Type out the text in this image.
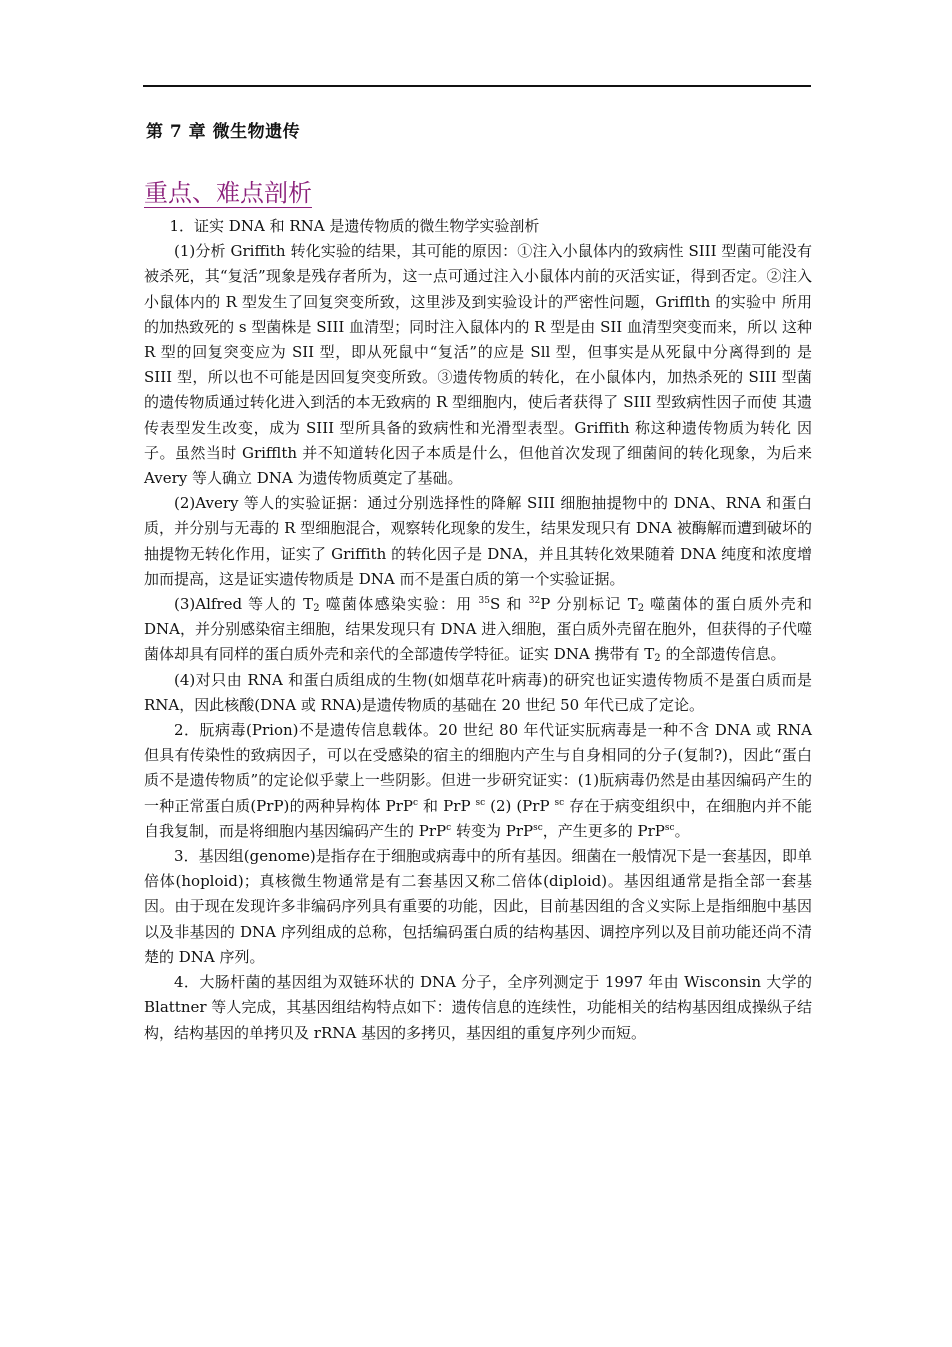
第 7 章 微生物遗传
重点、难点剖析

1．证实 DNA 和 RNA 是遗传物质的微生物学实验剖析

(1)分析 Griffith 转化实验的结果，其可能的原因：①注入小鼠体内的致病性 SIII 型菌可能没有被杀死，其“复活”现象是残存者所为，这一点可通过注入小鼠体内前的灭活实证，得到否定。②注入小鼠体内的 R 型发生了回复突变所致，这里涉及到实验设计的严密性问题，Grifflth 的实验中 所用的加热致死的 s 型菌株是 SIII 血清型；同时注入鼠体内的 R 型是由 SII 血清型突变而来，所以 这种 R 型的回复突变应为 SII 型，即从死鼠中“复活”的应是 Sll 型，但事实是从死鼠中分离得到的 是 SIII 型，所以也不可能是因回复突变所致。③遗传物质的转化，在小鼠体内，加热杀死的 SIII 型菌的遗传物质通过转化进入到活的本无致病的 R 型细胞内，使后者获得了 SIII 型致病性因子而使 其遗传表型发生改变，成为 SIII 型所具备的致病性和光滑型表型。Griffith 称这种遗传物质为转化 因子。虽然当时 Grifflth 并不知道转化因子本质是什么，但他首次发现了细菌间的转化现象，为后来 Avery 等人确立 DNA 为遗传物质奠定了基础。

(2)Avery 等人的实验证据：通过分别选择性的降解 SIII 细胞抽提物中的 DNA、RNA 和蛋白质，并分别与无毒的 R 型细胞混合，观察转化现象的发生，结果发现只有 DNA 被酶解而遭到破坏的抽提物无转化作用，证实了 Griffith 的转化因子是 DNA，并且其转化效果随着 DNA 纯度和浓度增加而提高，这是证实遗传物质是 DNA 而不是蛋白质的第一个实验证据。

(3)Alfred 等人的 $T_2$ 噬菌体感染实验：用 $^{35}$S 和 $^{32}$P 分别标记 $T_2$ 噬菌体的蛋白质外壳和 DNA，并分别感染宿主细胞，结果发现只有 DNA 进入细胞，蛋白质外壳留在胞外，但获得的子代噬菌体却具有同样的蛋白质外壳和亲代的全部遗传学特征。证实 DNA 携带有 $T_2$ 的全部遗传信息。

(4)对只由 RNA 和蛋白质组成的生物(如烟草花叶病毒)的研究也证实遗传物质不是蛋白质而是 RNA，因此核酸(DNA 或 RNA)是遗传物质的基础在 20 世纪 50 年代已成了定论。

2．朊病毒(Prion)不是遗传信息载体。20 世纪 80 年代证实朊病毒是一种不含 DNA 或 RNA 但具有传染性的致病因子，可以在受感染的宿主的细胞内产生与自身相同的分子(复制?)，因此“蛋白质不是遗传物质”的定论似乎蒙上一些阴影。但进一步研究证实：(1)朊病毒仍然是由基因编码产生的一种正常蛋白质(PrP)的两种异构体 PrP$^c$ 和 PrP $^{sc}$ (2) (PrP $^{sc}$ 存在于病变组织中，在细胞内并不能自我复制，而是将细胞内基因编码产生的 PrP$^c$ 转变为 PrP$^{sc}$，产生更多的 PrP$^{sc}$。

3．基因组(genome)是指存在于细胞或病毒中的所有基因。细菌在一般情况下是一套基因，即单倍体(hoploid)；真核微生物通常是有二套基因又称二倍体(diploid)。基因组通常是指全部一套基因。由于现在发现许多非编码序列具有重要的功能，因此，目前基因组的含义实际上是指细胞中基因以及非基因的 DNA 序列组成的总称，包括编码蛋白质的结构基因、调控序列以及目前功能还尚不清楚的 DNA 序列。

4．大肠杆菌的基因组为双链环状的 DNA 分子，全序列测定于 1997 年由 Wisconsin 大学的 Blattner 等人完成，其基因组结构特点如下：遗传信息的连续性，功能相关的结构基因组成操纵子结构，结构基因的单拷贝及 rRNA 基因的多拷贝，基因组的重复序列少而短。
